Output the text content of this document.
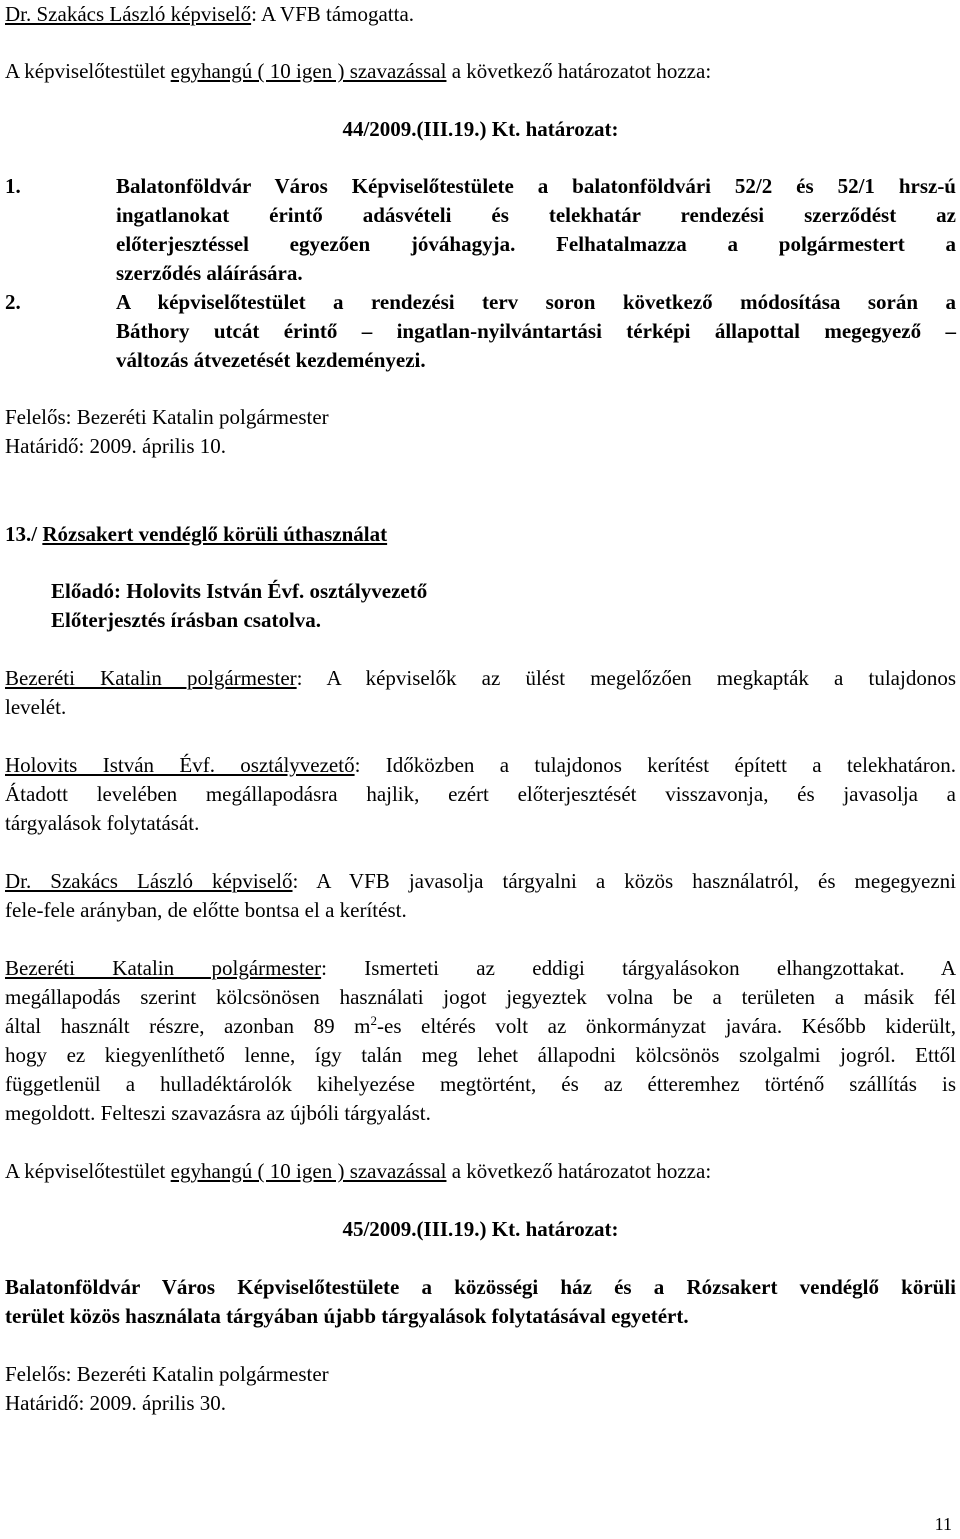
Dr. Szakács László képviselő: A VFB támogatta.
A képviselőtestület egyhangú ( 10 igen ) szavazással a következő határozatot hozza:
44/2009.(III.19.) Kt. határozat:
1.	Balatonföldvár Város Képviselőtestülete a balatonföldvári 52/2 és 52/1 hrsz-ú
ingatlanokat érintő adásvételi és telekhatár rendezési szerződést az
előterjesztéssel egyezően jóváhagyja. Felhatalmazza a polgármestert a
szerződés aláírására.
2.	A képviselőtestület a rendezési terv soron következő módosítása során a
Báthory utcát érintő – ingatlan-nyilvántartási térképi állapottal megegyező –
változás átvezetését kezdeményezi.
Felelős: Bezeréti Katalin polgármester
Határidő: 2009. április 10.
13./ Rózsakert vendéglő körüli úthasználat
Előadó: Holovits István Évf. osztályvezető
Előterjesztés írásban csatolva.
Bezeréti Katalin polgármester: A képviselők az ülést megelőzően megkapták a tulajdonos
levelét.
Holovits István Évf. osztályvezető: Időközben a tulajdonos kerítést épített a telekhatáron.
Átadott levelében megállapodásra hajlik, ezért előterjesztését visszavonja, és javasolja a
tárgyalások folytatását.
Dr. Szakács László képviselő: A VFB javasolja tárgyalni a közös használatról, és megegyezni
fele-fele arányban, de előtte bontsa el a kerítést.
Bezeréti Katalin polgármester: Ismerteti az eddigi tárgyalásokon elhangzottakat. A
megállapodás szerint kölcsönösen használati jogot jegyeztek volna be a területen a másik fél
által használt részre, azonban 89 $m^2-es$ eltérés volt az önkormányzat javára. Később kiderült,
hogy ez kiegyenlíthető lenne, így talán meg lehet állapodni kölcsönös szolgalmi jogról. Ettől
függetlenül a hulladéktárolók kihelyezése megtörtént, és az étteremhez történő szállítás is
megoldott. Felteszi szavazásra az újbóli tárgyalást.
A képviselőtestület egyhangú ( 10 igen ) szavazással a következő határozatot hozza:
45/2009.(III.19.) Kt. határozat:
Balatonföldvár Város Képviselőtestülete a közösségi ház és a Rózsakert vendéglő körüli
terület közös használata tárgyában újabb tárgyalások folytatásával egyetért.
Felelős: Bezeréti Katalin polgármester
Határidő: 2009. április 30.
11
